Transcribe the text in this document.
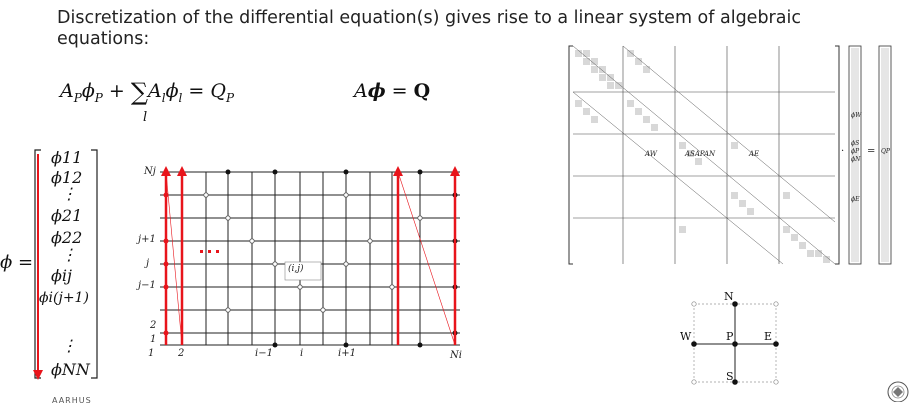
Discretization of the differential equation(s) gives rise to a linear system of algebraic
equations:
$A_P\phi_P + \sum A_l\phi_l = Q_P$
l
Aϕ = Q
ϕ =
ϕ11
ϕ12
⋮
ϕ21
ϕ22
⋮
ϕij
ϕi(j+1)
⋮
ϕNN
Nj
j+1
j
j−1
2
1
1 2	i−1	i	i+1	Ni
(i,j)
AW	ASAPAN	AE
ϕW
ϕS
ϕP
ϕN
ϕE
· = QP
N
W	P	E
S
AARHUS
